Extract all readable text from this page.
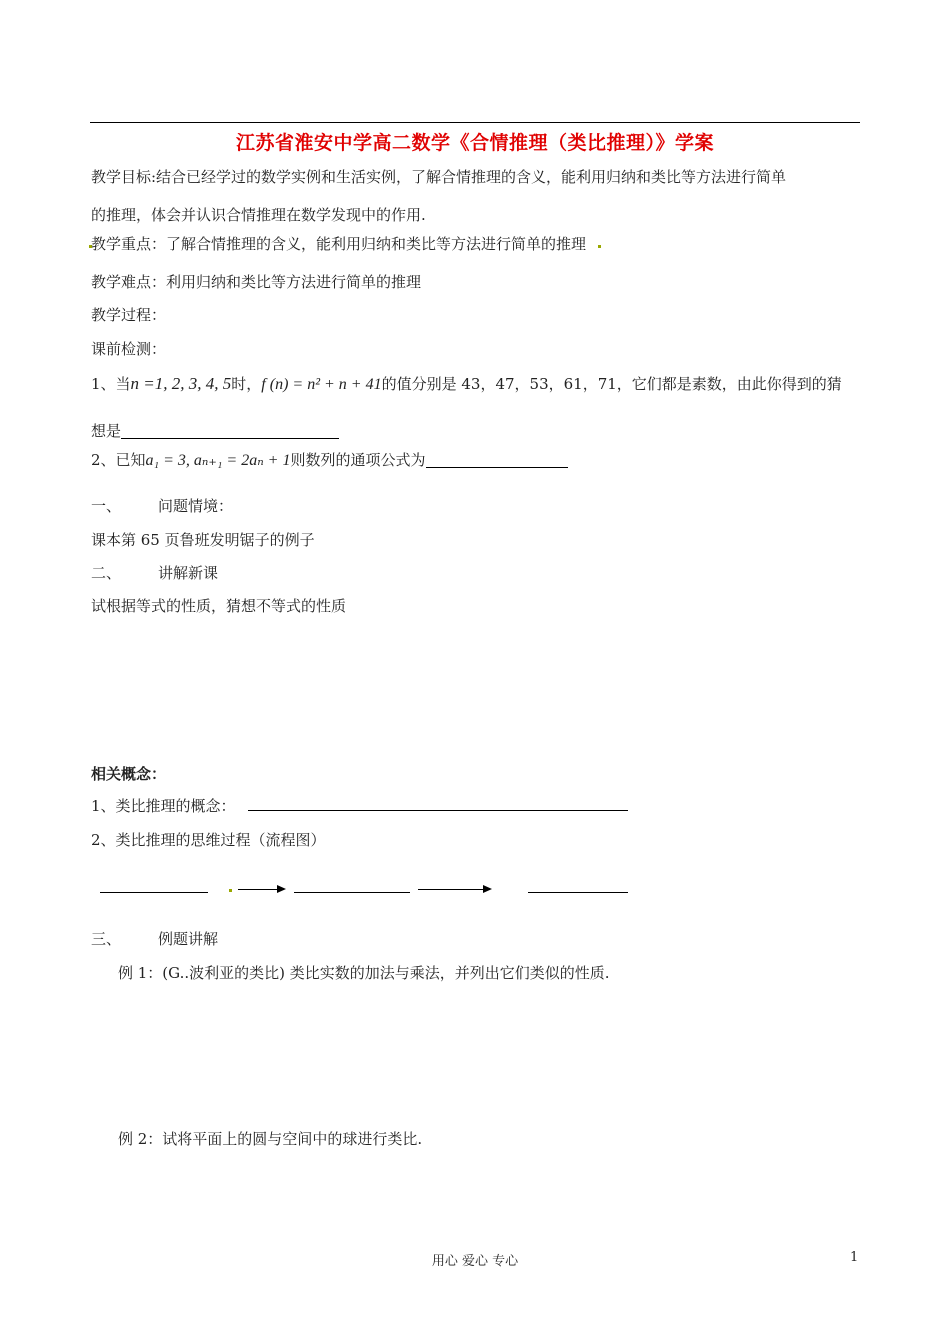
江苏省淮安中学高二数学《合情推理（类比推理）》学案
教学目标:结合已经学过的数学实例和生活实例，了解合情推理的含义，能利用归纳和类比等方法进行简单
的推理，体会并认识合情推理在数学发现中的作用.
教学重点：了解合情推理的含义，能利用归纳和类比等方法进行简单的推理
教学难点：利用归纳和类比等方法进行简单的推理
教学过程：
课前检测：
1、当n =1, 2, 3, 4, 5时，f (n) = n² + n + 41的值分别是 43，47，53，61，71，它们都是素数，由此你得到的猜
想是
2、已知a₁ = 3, aₙ₊₁ = 2aₙ + 1则数列的通项公式为
一、 问题情境：
课本第 65 页鲁班发明锯子的例子
二、 讲解新课
试根据等式的性质，猜想不等式的性质
相关概念：
1、类比推理的概念：
2、类比推理的思维过程（流程图）
三、 例题讲解
例 1：(G..波利亚的类比) 类比实数的加法与乘法，并列出它们类似的性质.
例 2：试将平面上的圆与空间中的球进行类比.
用心 爱心 专心	1
